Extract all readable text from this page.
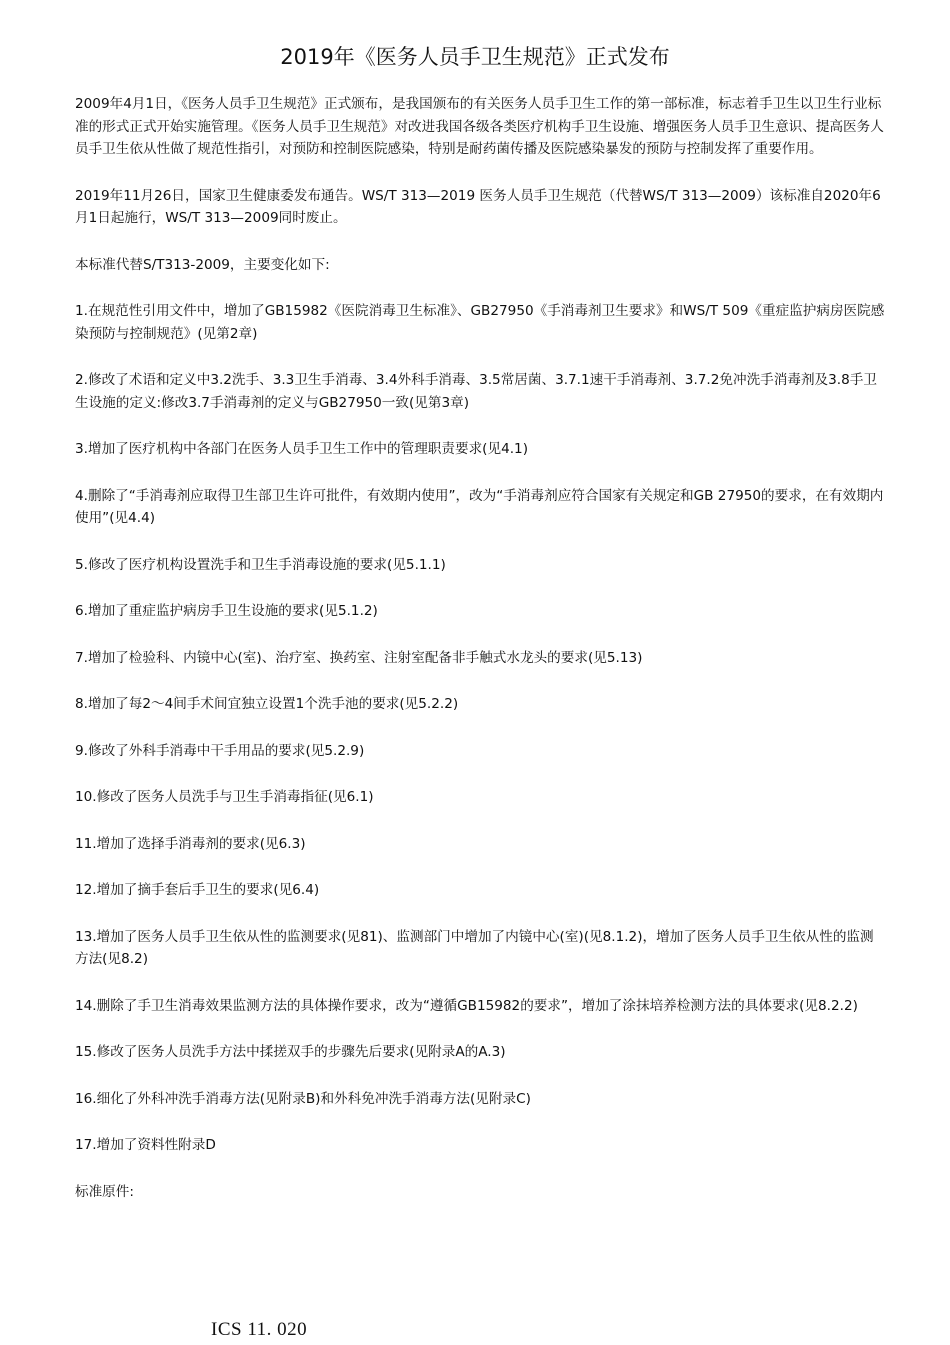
2019年《医务人员手卫生规范》正式发布

2009年4月1日，《医务人员手卫生规范》正式颁布，是我国颁布的有关医务人员手卫生工作的第一部标准，标志着手卫生以卫生行业标准的形式正式开始实施管理。《医务人员手卫生规范》对改进我国各级各类医疗机构手卫生设施、增强医务人员手卫生意识、提高医务人员手卫生依从性做了规范性指引，对预防和控制医院感染，特别是耐药菌传播及医院感染暴发的预防与控制发挥了重要作用。

2019年11月26日，国家卫生健康委发布通告。WS/T 313—2019 医务人员手卫生规范（代替WS/T 313—2009）该标准自2020年6月1日起施行，WS/T 313—2009同时废止。

本标准代替S/T313-2009，主要变化如下:

1.在规范性引用文件中，增加了GB15982《医院消毒卫生标准》、GB27950《手消毒剂卫生要求》和WS/T 509《重症监护病房医院感染预防与控制规范》(见第2章)

2.修改了术语和定义中3.2洗手、3.3卫生手消毒、3.4外科手消毒、3.5常居菌、3.7.1速干手消毒剂、3.7.2免冲洗手消毒剂及3.8手卫生设施的定义:修改3.7手消毒剂的定义与GB27950一致(见第3章)

3.增加了医疗机构中各部门在医务人员手卫生工作中的管理职责要求(见4.1)

4.删除了“手消毒剂应取得卫生部卫生许可批件，有效期内使用”，改为“手消毒剂应符合国家有关规定和GB 27950的要求，在有效期内使用”(见4.4)

5.修改了医疗机构设置洗手和卫生手消毒设施的要求(见5.1.1)

6.增加了重症监护病房手卫生设施的要求(见5.1.2)

7.增加了检验科、内镜中心(室)、治疗室、换药室、注射室配备非手触式水龙头的要求(见5.13)

8.增加了每2～4间手术间宜独立设置1个洗手池的要求(见5.2.2)

9.修改了外科手消毒中干手用品的要求(见5.2.9)

10.修改了医务人员洗手与卫生手消毒指征(见6.1)

11.增加了选择手消毒剂的要求(见6.3)

12.增加了摘手套后手卫生的要求(见6.4)

13.增加了医务人员手卫生依从性的监测要求(见81)、监测部门中增加了内镜中心(室)(见8.1.2)，增加了医务人员手卫生依从性的监测方法(见8.2)

14.删除了手卫生消毒效果监测方法的具体操作要求，改为“遵循GB15982的要求”，增加了涂抹培养检测方法的具体要求(见8.2.2)

15.修改了医务人员洗手方法中揉搓双手的步骤先后要求(见附录A的A.3)

16.细化了外科冲洗手消毒方法(见附录B)和外科免冲洗手消毒方法(见附录C)

17.增加了资料性附录D

标准原件:

ICS 11. 020
